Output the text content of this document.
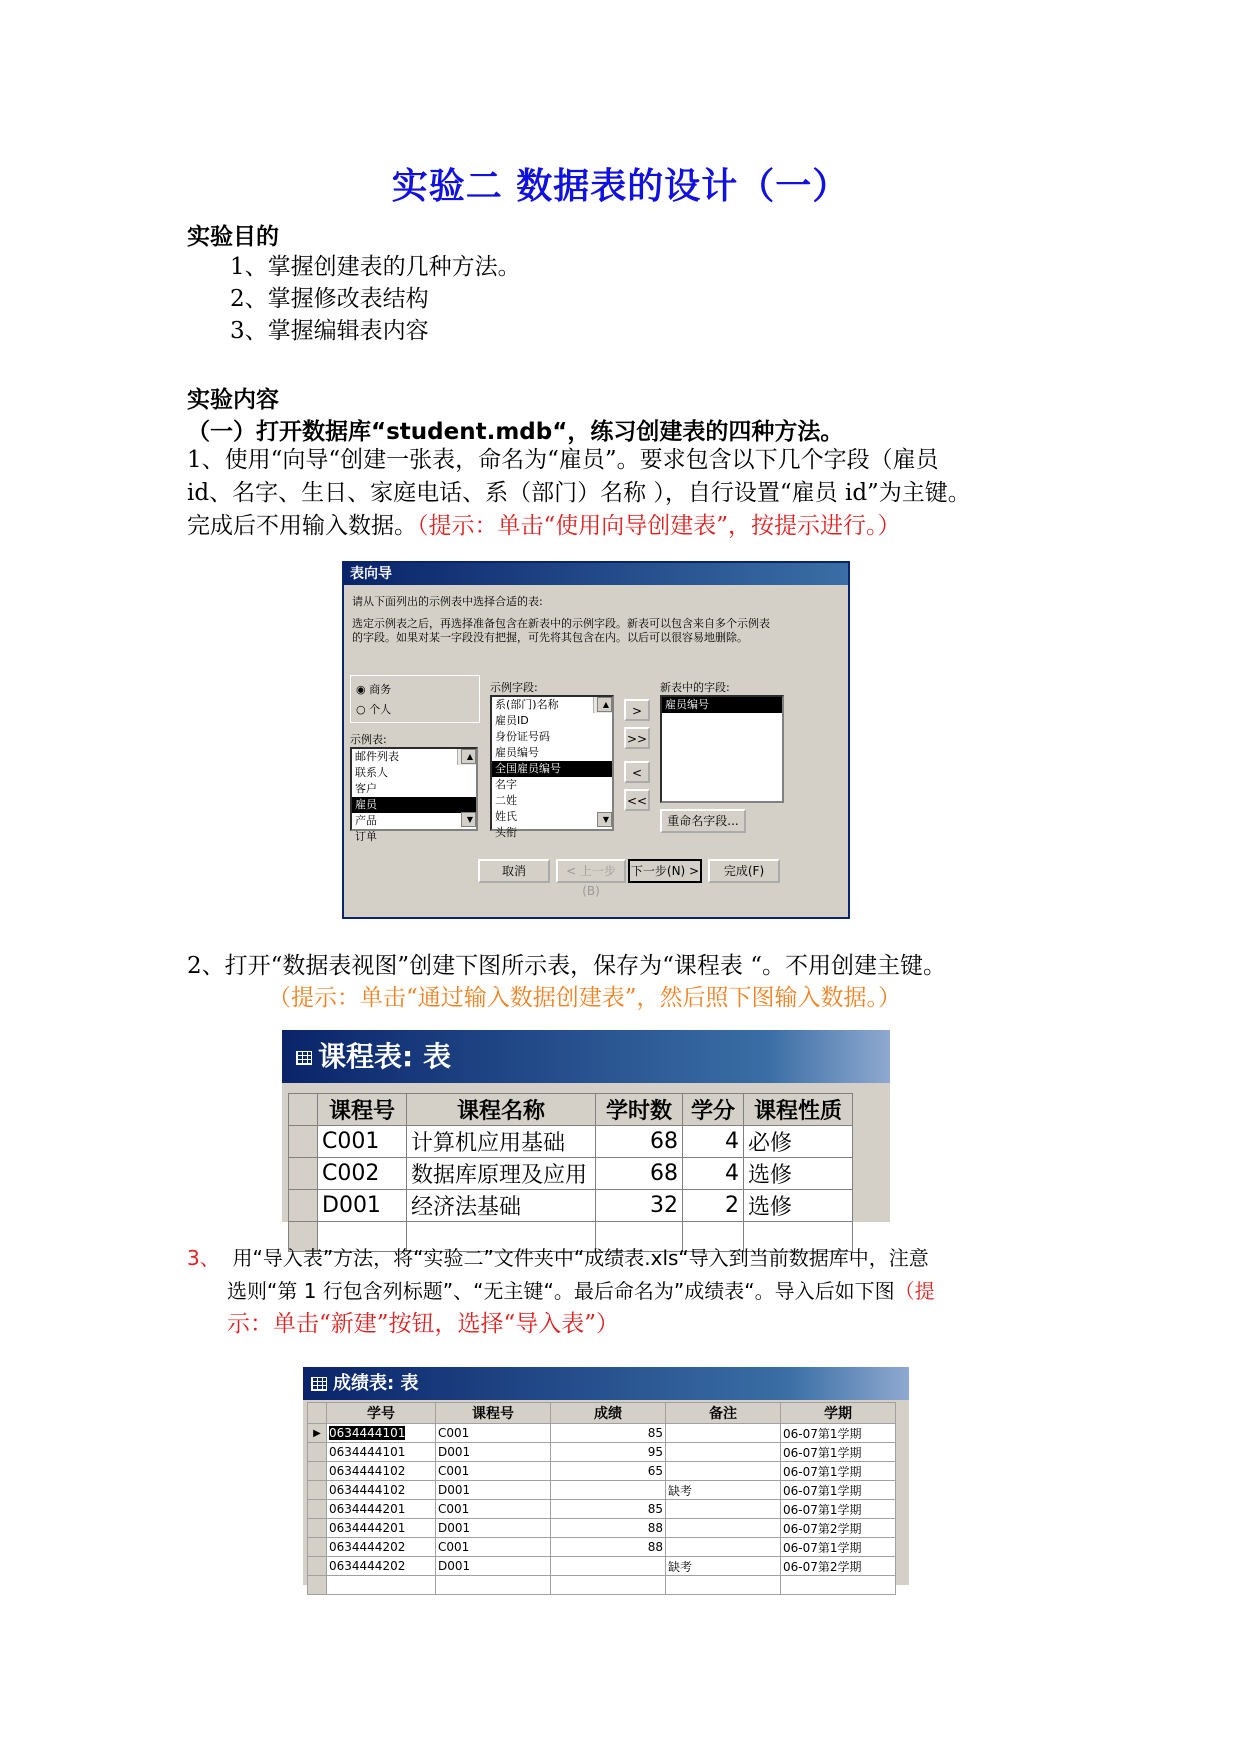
实验二 数据表的设计（一）
实验目的
1、掌握创建表的几种方法。
2、掌握修改表结构
3、掌握编辑表内容
实验内容
（一）打开数据库“student.mdb“，练习创建表的四种方法。
1、使用“向导“创建一张表，命名为“雇员”。要求包含以下几个字段（雇员
id、名字、生日、家庭电话、系（部门）名称 ），自行设置“雇员 id”为主键。
完成后不用输入数据。（提示：单击“使用向导创建表”，按提示进行。）
表向导
请从下面列出的示例表中选择合适的表:
选定示例表之后，再选择准备包含在新表中的示例字段。新表可以包含来自多个示例表
的字段。如果对某一字段没有把握，可先将其包含在内。以后可以很容易地删除。
◉ 商务
○ 个人
示例表:
邮件列表
联系人
客户
雇员
产品
订单
▲
▼
示例字段:
系(部门)名称
雇员ID
身份证号码
雇员编号
全国雇员编号
名字
二姓
姓氏
头衔
▲
▼
>
>>
<
<<
新表中的字段:
雇员编号
重命名字段...
取消	< 上一步(B)
下一步(N) >	完成(F)
2、打开“数据表视图”创建下图所示表，保存为“课程表 “。不用创建主键。
（提示：单击“通过输入数据创建表”，然后照下图输入数据。）
课程表: 表
	课程号	课程名称	学时数	学分	课程性质
	C001	计算机应用基础	68	4	必修
	C002	数据库原理及应用	68	4	选修
	D001	经济法基础	32	2	选修

3、 用“导入表”方法，将“实验二”文件夹中“成绩表.xls“导入到当前数据库中，注意
选则“第 1 行包含列标题”、“无主键“。最后命名为”成绩表“。导入后如下图（提
示：单击“新建”按钮，选择“导入表”）
成绩表: 表
	学号	课程号	成绩	备注	学期
▶	0634444101	C001	85		06-07第1学期
	0634444101	D001	95		06-07第1学期
	0634444102	C001	65		06-07第1学期
	0634444102	D001		缺考	06-07第1学期
	0634444201	C001	85		06-07第1学期
	0634444201	D001	88		06-07第2学期
	0634444202	C001	88		06-07第1学期
	0634444202	D001		缺考	06-07第2学期
